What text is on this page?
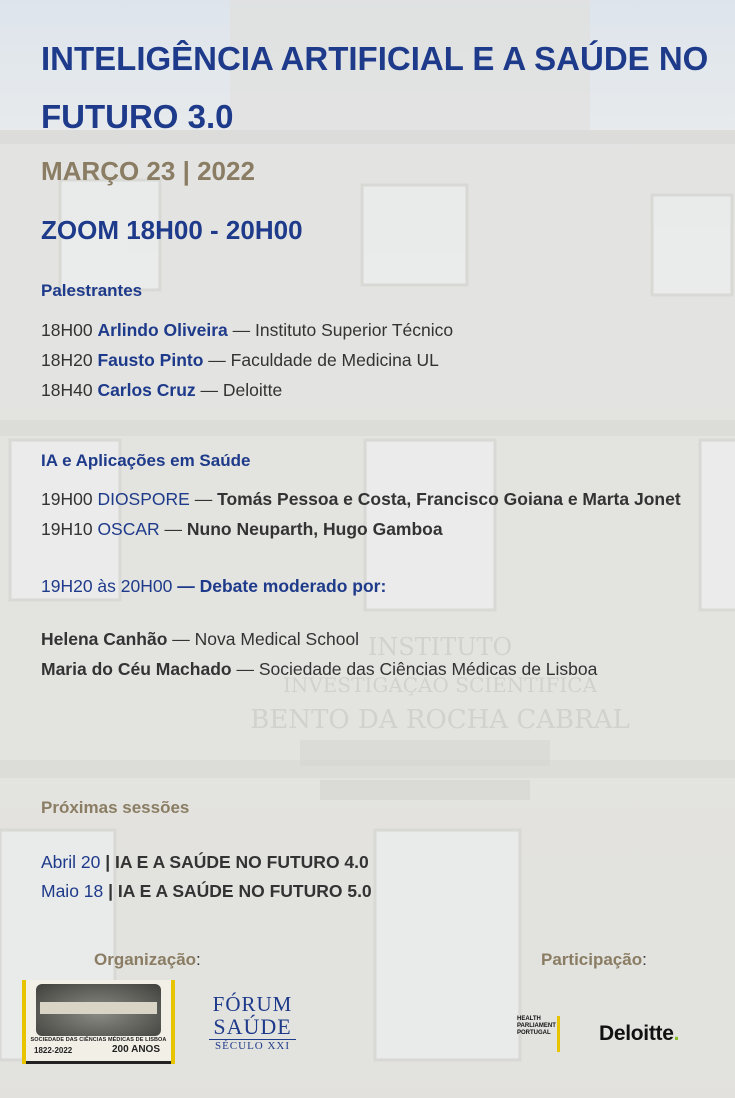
INTELIGÊNCIA ARTIFICIAL E A SAÚDE NO FUTURO 3.0
MARÇO 23 | 2022
ZOOM 18H00 - 20H00
Palestrantes
18H00 Arlindo Oliveira — Instituto Superior Técnico
18H20 Fausto Pinto — Faculdade de Medicina UL
18H40 Carlos Cruz — Deloitte
IA e Aplicações em Saúde
19H00 DIOSPORE — Tomás Pessoa e Costa, Francisco Goiana e Marta Jonet
19H10 OSCAR — Nuno Neuparth, Hugo Gamboa
19H20 às 20H00 — Debate moderado por:
Helena Canhão — Nova Medical School
Maria do Céu Machado — Sociedade das Ciências Médicas de Lisboa
Próximas sessões
Abril 20 | IA E A SAÚDE NO FUTURO 4.0
Maio 18 | IA E A SAÚDE NO FUTURO 5.0
Organização:	Participação:
SOCIEDADE DAS CIÊNCIAS MÉDICAS DE LISBOA
1822-2022	200 ANOS
FÓRUM
SAÚDE
SÉCULO XXI
HEALTH
PARLIAMENT
PORTUGAL Deloitte.
